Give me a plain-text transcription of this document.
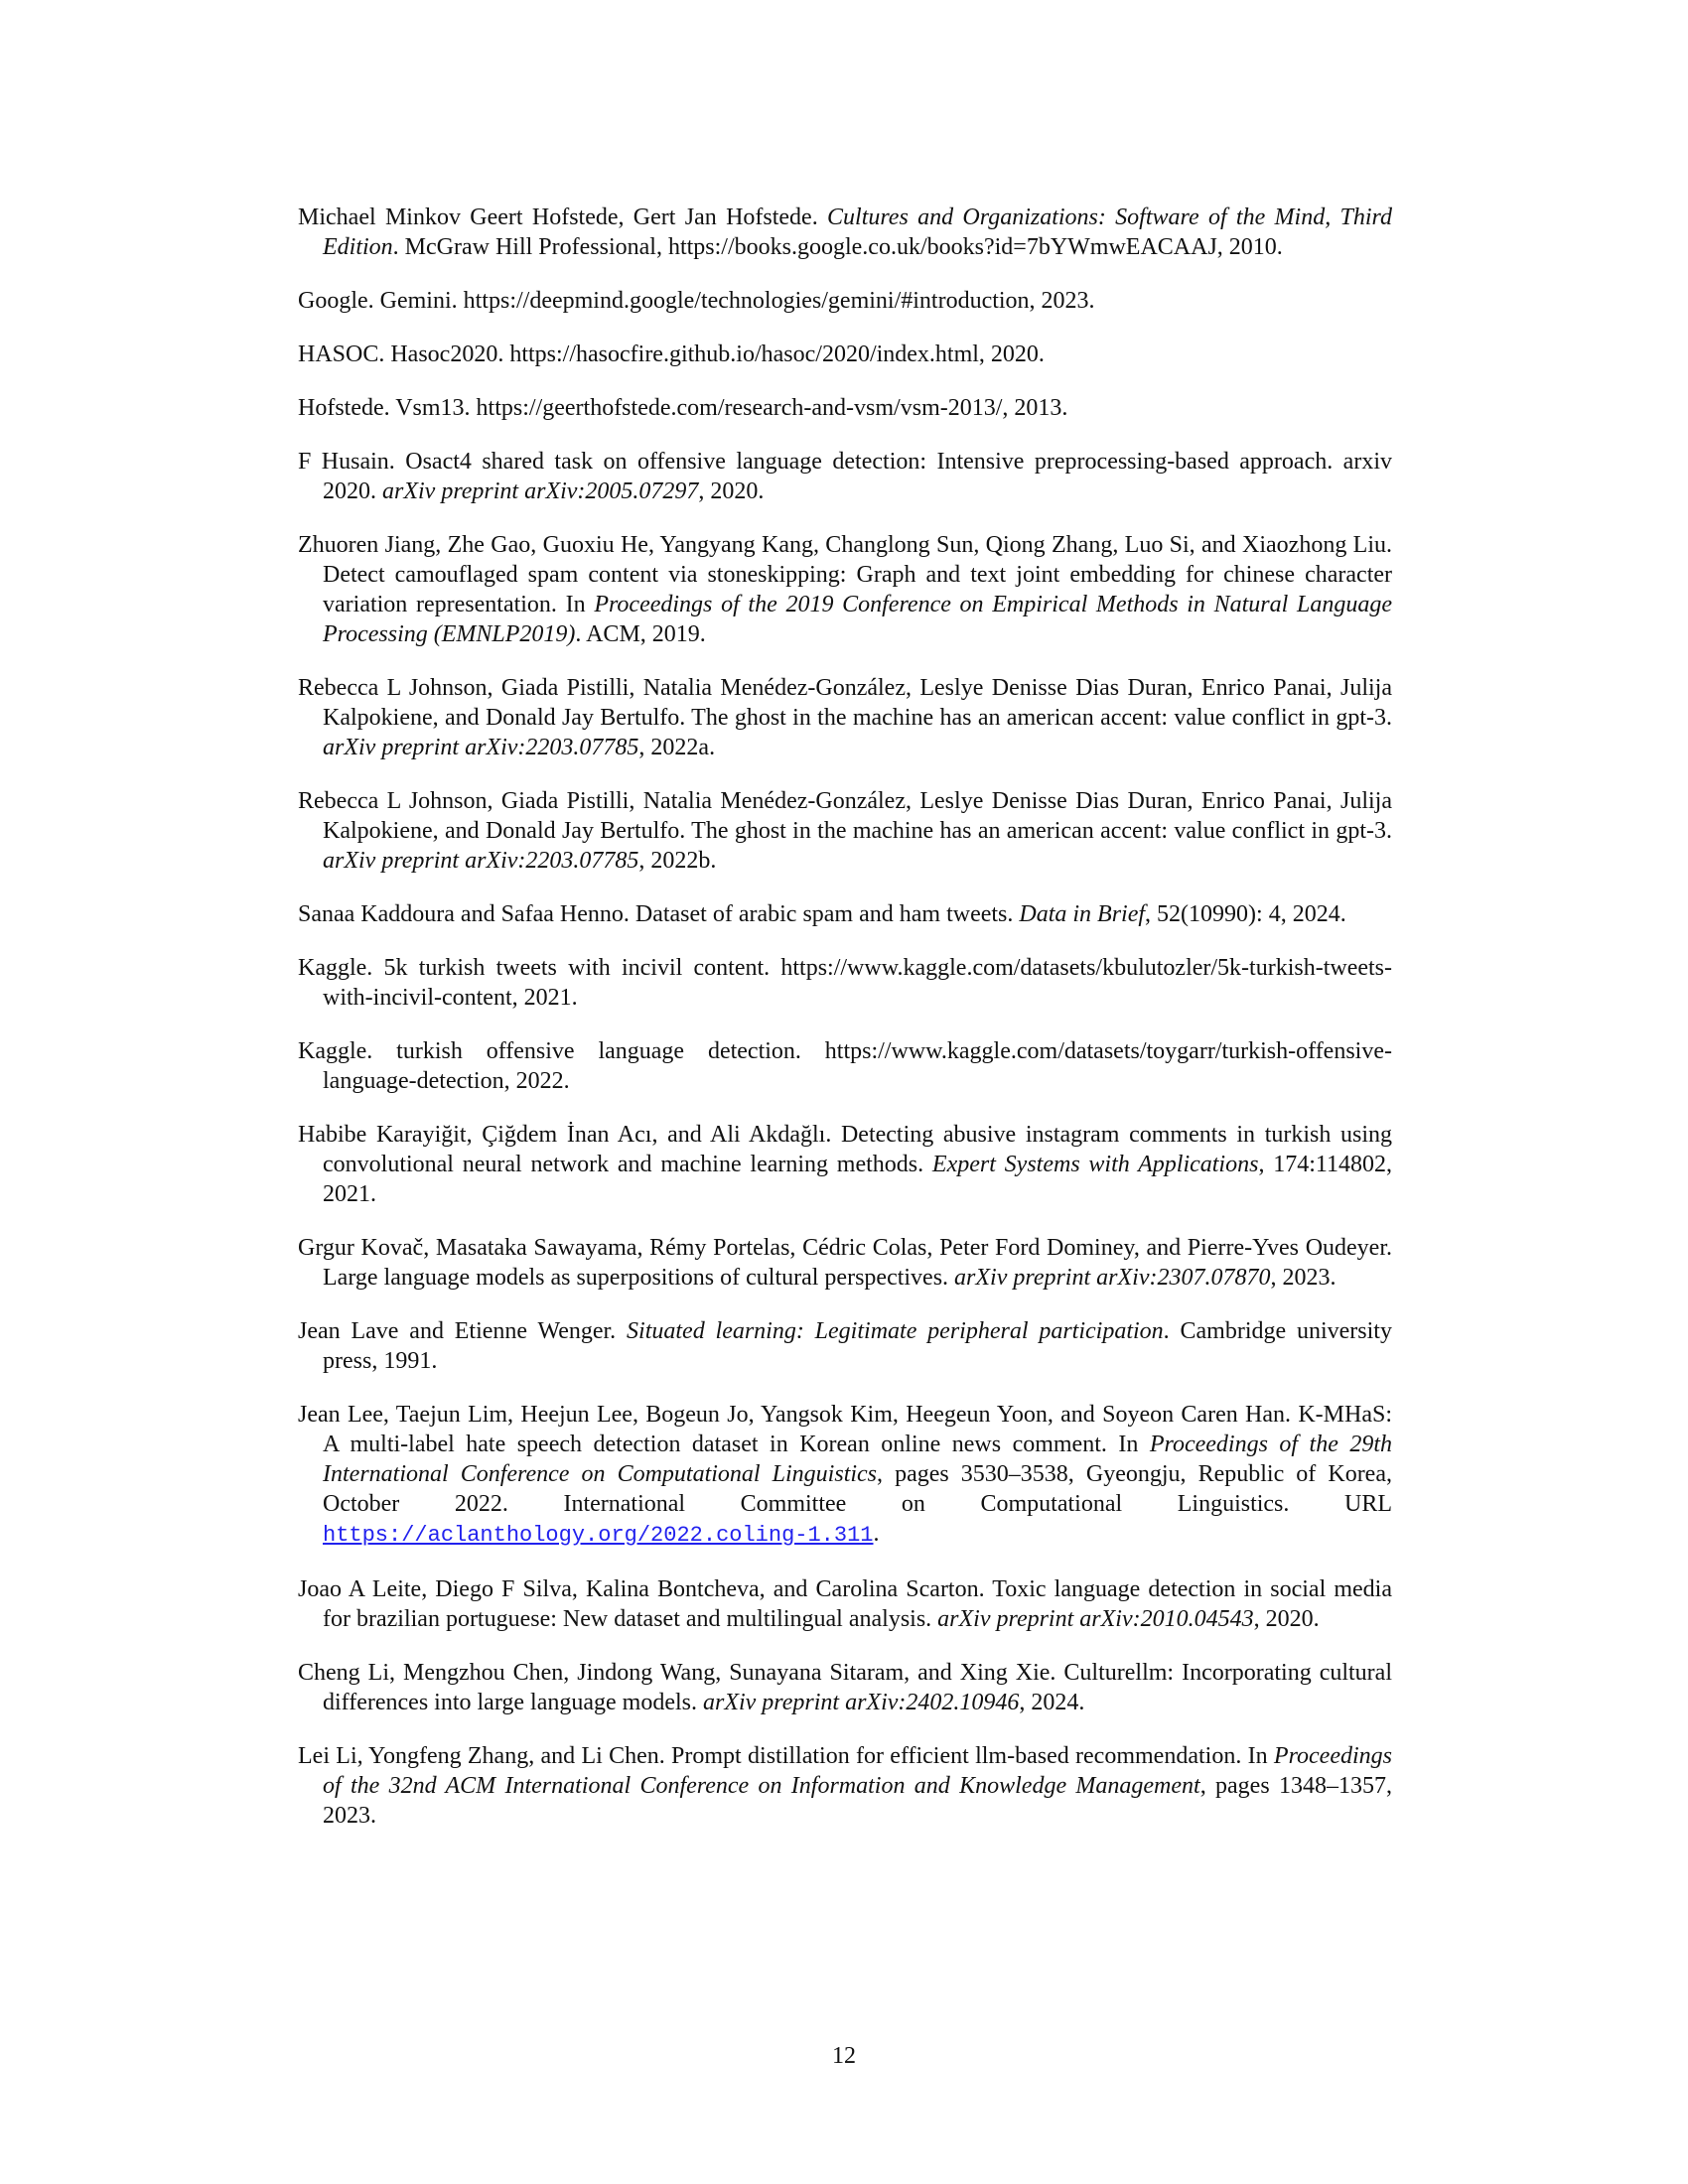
Michael Minkov Geert Hofstede, Gert Jan Hofstede. Cultures and Organizations: Software of the Mind, Third Edition. McGraw Hill Professional, https://books.google.co.uk/books?id=7bYWmwEACAAJ, 2010.

Google. Gemini. https://deepmind.google/technologies/gemini/#introduction, 2023.

HASOC. Hasoc2020. https://hasocfire.github.io/hasoc/2020/index.html, 2020.

Hofstede. Vsm13. https://geerthofstede.com/research-and-vsm/vsm-2013/, 2013.

F Husain. Osact4 shared task on offensive language detection: Intensive preprocessing-based approach. arxiv 2020. arXiv preprint arXiv:2005.07297, 2020.

Zhuoren Jiang, Zhe Gao, Guoxiu He, Yangyang Kang, Changlong Sun, Qiong Zhang, Luo Si, and Xiaozhong Liu. Detect camouflaged spam content via stoneskipping: Graph and text joint embedding for chinese character variation representation. In Proceedings of the 2019 Conference on Empirical Methods in Natural Language Processing (EMNLP2019). ACM, 2019.

Rebecca L Johnson, Giada Pistilli, Natalia Menédez-González, Leslye Denisse Dias Duran, Enrico Panai, Julija Kalpokiene, and Donald Jay Bertulfo. The ghost in the machine has an american accent: value conflict in gpt-3. arXiv preprint arXiv:2203.07785, 2022a.

Rebecca L Johnson, Giada Pistilli, Natalia Menédez-González, Leslye Denisse Dias Duran, Enrico Panai, Julija Kalpokiene, and Donald Jay Bertulfo. The ghost in the machine has an american accent: value conflict in gpt-3. arXiv preprint arXiv:2203.07785, 2022b.

Sanaa Kaddoura and Safaa Henno. Dataset of arabic spam and ham tweets. Data in Brief, 52(10990): 4, 2024.

Kaggle. 5k turkish tweets with incivil content. https://www.kaggle.com/datasets/kbulutozler/5k-turkish-tweets-with-incivil-content, 2021.

Kaggle. turkish offensive language detection. https://www.kaggle.com/datasets/toygarr/turkish-offensive-language-detection, 2022.

Habibe Karayiğit, Çiğdem İnan Acı, and Ali Akdağlı. Detecting abusive instagram comments in turkish using convolutional neural network and machine learning methods. Expert Systems with Applications, 174:114802, 2021.

Grgur Kovač, Masataka Sawayama, Rémy Portelas, Cédric Colas, Peter Ford Dominey, and Pierre-Yves Oudeyer. Large language models as superpositions of cultural perspectives. arXiv preprint arXiv:2307.07870, 2023.

Jean Lave and Etienne Wenger. Situated learning: Legitimate peripheral participation. Cambridge university press, 1991.

Jean Lee, Taejun Lim, Heejun Lee, Bogeun Jo, Yangsok Kim, Heegeun Yoon, and Soyeon Caren Han. K-MHaS: A multi-label hate speech detection dataset in Korean online news comment. In Proceedings of the 29th International Conference on Computational Linguistics, pages 3530–3538, Gyeongju, Republic of Korea, October 2022. International Committee on Computational Linguistics. URL https://aclanthology.org/2022.coling-1.311.

Joao A Leite, Diego F Silva, Kalina Bontcheva, and Carolina Scarton. Toxic language detection in social media for brazilian portuguese: New dataset and multilingual analysis. arXiv preprint arXiv:2010.04543, 2020.

Cheng Li, Mengzhou Chen, Jindong Wang, Sunayana Sitaram, and Xing Xie. Culturellm: Incorporating cultural differences into large language models. arXiv preprint arXiv:2402.10946, 2024.

Lei Li, Yongfeng Zhang, and Li Chen. Prompt distillation for efficient llm-based recommendation. In Proceedings of the 32nd ACM International Conference on Information and Knowledge Management, pages 1348–1357, 2023.

12
